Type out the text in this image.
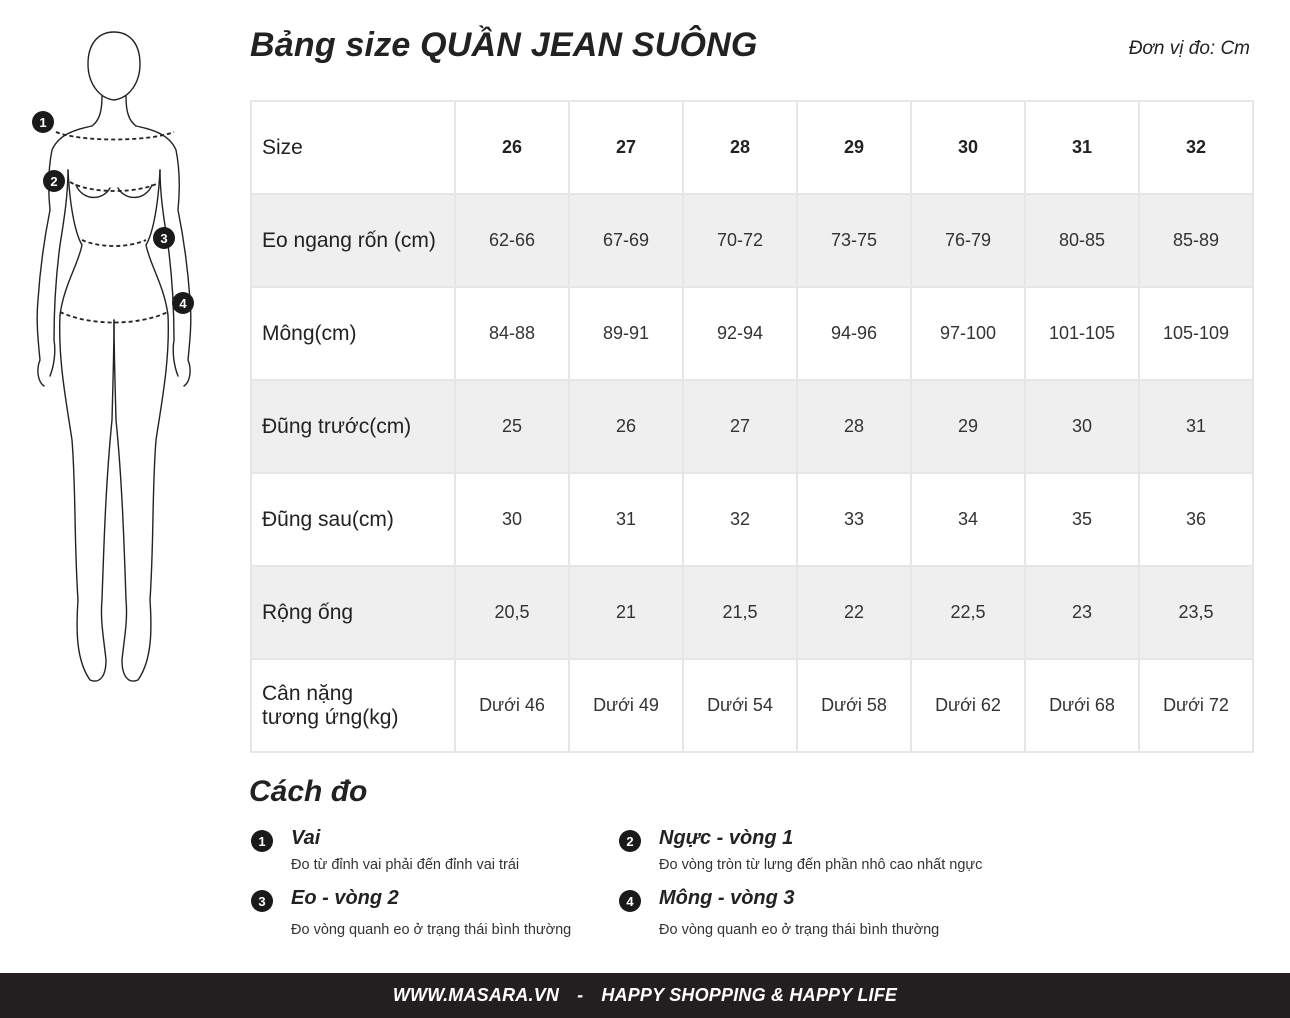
1
2
3
4
Bảng size QUẦN JEAN SUÔNG	Đơn vị đo: Cm
Size	26	27	28	29	30	31	32
Eo ngang rốn (cm)	62-66	67-69	70-72	73-75	76-79	80-85	85-89
Mông(cm)	84-88	89-91	92-94	94-96	97-100	101-105	105-109
Đũng trước(cm)	25	26	27	28	29	30	31
Đũng sau(cm)	30	31	32	33	34	35	36
Rộng ống	20,5	21	21,5	22	22,5	23	23,5
Cân nặng
tương ứng(kg)	Dưới 46	Dưới 49	Dưới 54	Dưới 58	Dưới 62	Dưới 68	Dưới 72
Cách đo
1	Vai
Đo từ đỉnh vai phải đến đỉnh vai trái
2	Ngực - vòng 1
Đo vòng tròn từ lưng đến phần nhô cao nhất ngực
3	Eo - vòng 2
Đo vòng quanh eo ở trạng thái bình thường
4	Mông - vòng 3
Đo vòng quanh eo ở trạng thái bình thường
WWW.MASARA.VN - HAPPY SHOPPING & HAPPY LIFE
